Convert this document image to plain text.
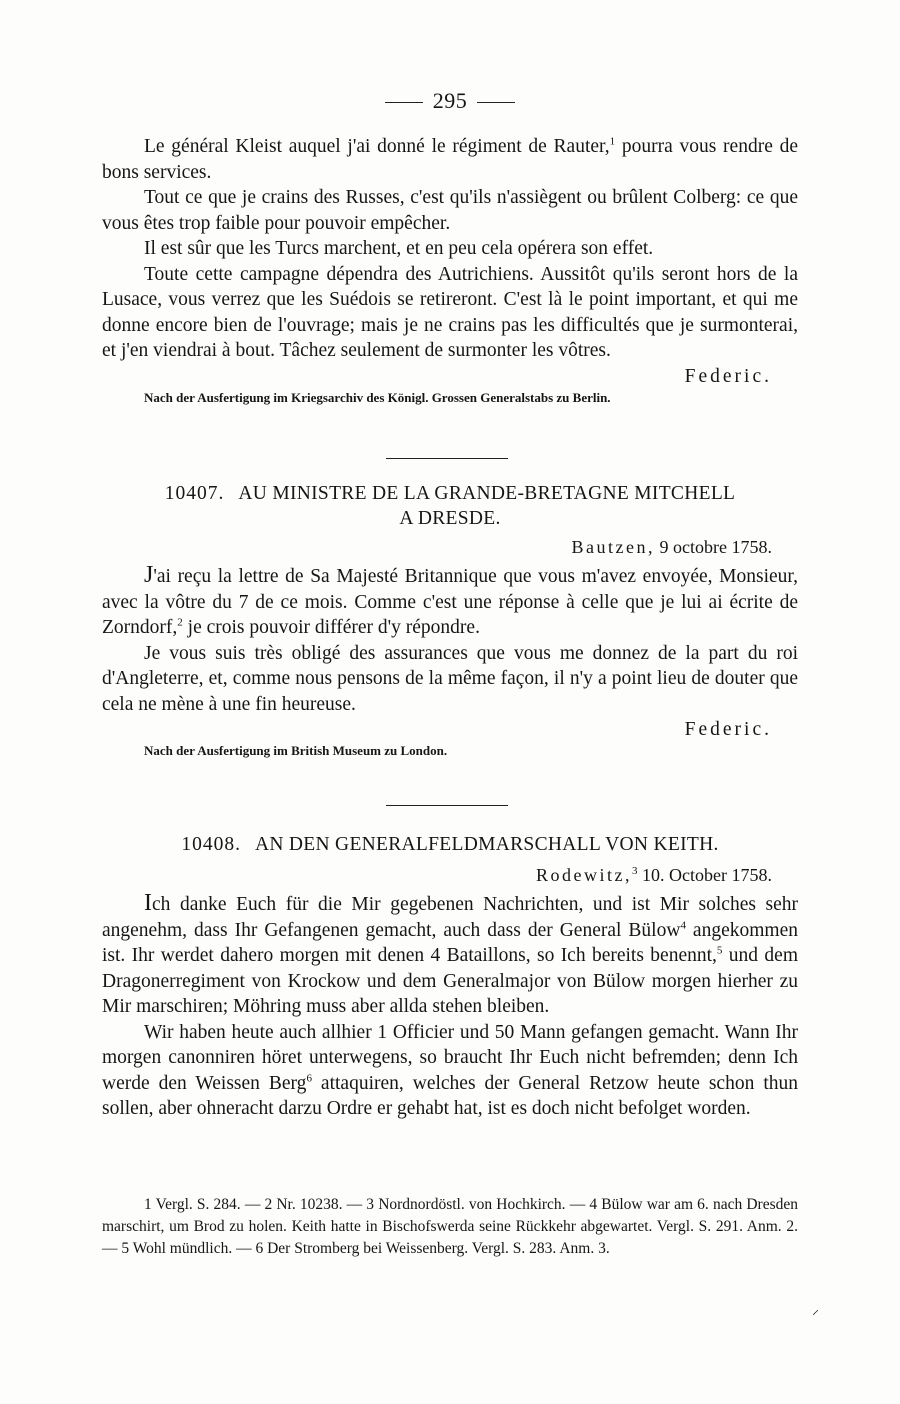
295

Le général Kleist auquel j'ai donné le régiment de Rauter,$^1$ pourra vous rendre de bons services.

Tout ce que je crains des Russes, c'est qu'ils n'assiègent ou brûlent Colberg: ce que vous êtes trop faible pour pouvoir empêcher.

Il est sûr que les Turcs marchent, et en peu cela opérera son effet.

Toute cette campagne dépendra des Autrichiens. Aussitôt qu'ils seront hors de la Lusace, vous verrez que les Suédois se retireront. C'est là le point important, et qui me donne encore bien de l'ouvrage; mais je ne crains pas les difficultés que je surmonterai, et j'en viendrai à bout. Tâchez seulement de surmonter les vôtres.

Federic.
Nach der Ausfertigung im Kriegsarchiv des Königl. Grossen Generalstabs zu Berlin.
10407. AU MINISTRE DE LA GRANDE-BRETAGNE MITCHELL
A DRESDE.
Bautzen, 9 octobre 1758.

J'ai reçu la lettre de Sa Majesté Britannique que vous m'avez envoyée, Monsieur, avec la vôtre du 7 de ce mois. Comme c'est une réponse à celle que je lui ai écrite de Zorndorf,$^2$ je crois pouvoir différer d'y répondre.

Je vous suis très obligé des assurances que vous me donnez de la part du roi d'Angleterre, et, comme nous pensons de la même façon, il n'y a point lieu de douter que cela ne mène à une fin heureuse.

Federic.
Nach der Ausfertigung im British Museum zu London.
10408. AN DEN GENERALFELDMARSCHALL VON KEITH.
Rodewitz,$^3$ 10. October 1758.

Ich danke Euch für die Mir gegebenen Nachrichten, und ist Mir solches sehr angenehm, dass Ihr Gefangenen gemacht, auch dass der General Bülow$^4$ angekommen ist. Ihr werdet dahero morgen mit denen 4 Bataillons, so Ich bereits benennt,$^5$ und dem Dragonerregiment von Krockow und dem Generalmajor von Bülow morgen hierher zu Mir marschiren; Möhring muss aber allda stehen bleiben.

Wir haben heute auch allhier 1 Officier und 50 Mann gefangen gemacht. Wann Ihr morgen canonniren höret unterwegens, so braucht Ihr Euch nicht befremden; denn Ich werde den Weissen Berg$^6$ attaquiren, welches der General Retzow heute schon thun sollen, aber ohneracht darzu Ordre er gehabt hat, ist es doch nicht befolget worden.

1 Vergl. S. 284. — 2 Nr. 10238. — 3 Nordnordöstl. von Hochkirch. — 4 Bülow war am 6. nach Dresden marschirt, um Brod zu holen. Keith hatte in Bischofswerda seine Rückkehr abgewartet. Vergl. S. 291. Anm. 2. — 5 Wohl mündlich. — 6 Der Stromberg bei Weissenberg. Vergl. S. 283. Anm. 3.
⸝
